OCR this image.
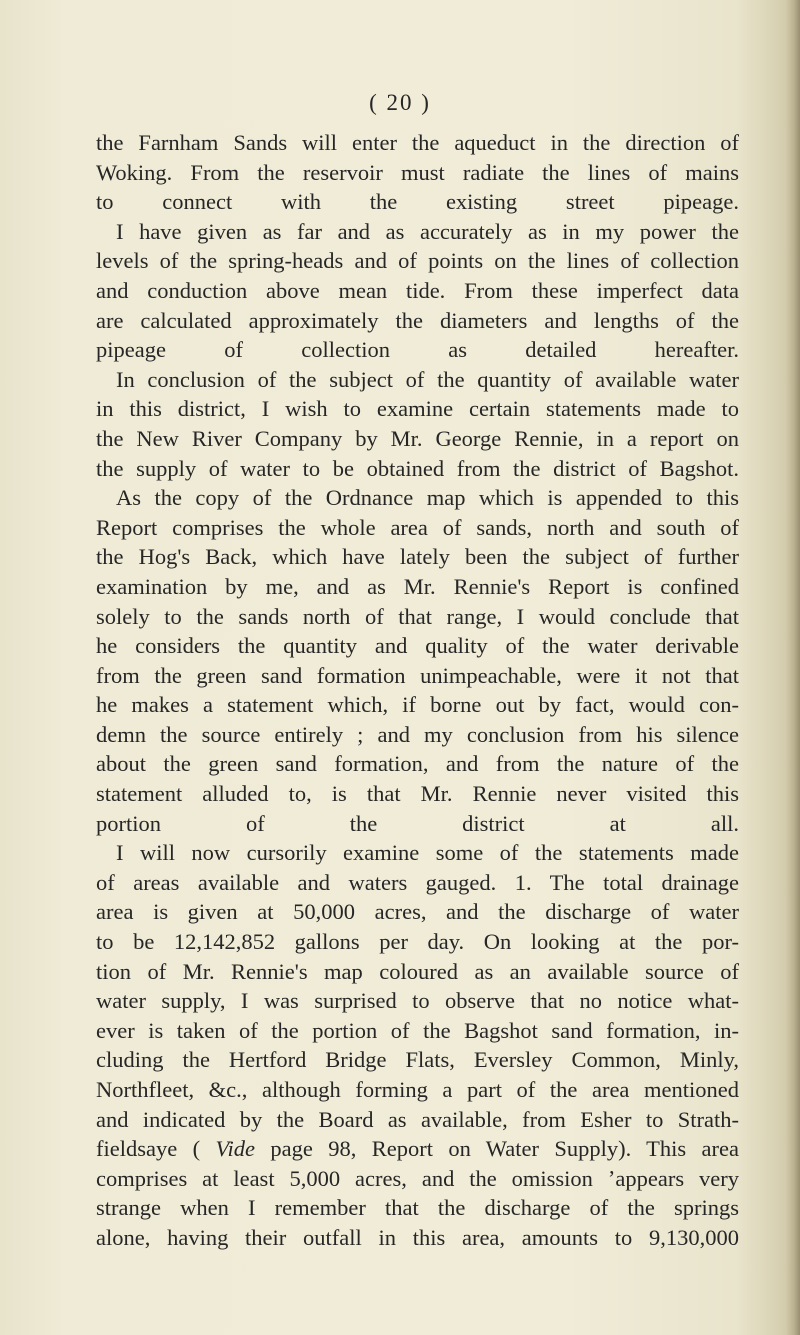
( 20 )
the Farnham Sands will enter the aqueduct in the direction of
Woking. From the reservoir must radiate the lines of mains
to connect with the existing street pipeage.
I have given as far and as accurately as in my power the
levels of the spring-heads and of points on the lines of collection
and conduction above mean tide. From these imperfect data
are calculated approximately the diameters and lengths of the
pipeage of collection as detailed hereafter.
In conclusion of the subject of the quantity of available water
in this district, I wish to examine certain statements made to
the New River Company by Mr. George Rennie, in a report on
the supply of water to be obtained from the district of Bagshot.
As the copy of the Ordnance map which is appended to this
Report comprises the whole area of sands, north and south of
the Hog's Back, which have lately been the subject of further
examination by me, and as Mr. Rennie's Report is confined
solely to the sands north of that range, I would conclude that
he considers the quantity and quality of the water derivable
from the green sand formation unimpeachable, were it not that
he makes a statement which, if borne out by fact, would con-
demn the source entirely ; and my conclusion from his silence
about the green sand formation, and from the nature of the
statement alluded to, is that Mr. Rennie never visited this
portion of the district at all.
I will now cursorily examine some of the statements made
of areas available and waters gauged. 1. The total drainage
area is given at 50,000 acres, and the discharge of water
to be 12,142,852 gallons per day. On looking at the por-
tion of Mr. Rennie's map coloured as an available source of
water supply, I was surprised to observe that no notice what-
ever is taken of the portion of the Bagshot sand formation, in-
cluding the Hertford Bridge Flats, Eversley Common, Minly,
Northfleet, &c., although forming a part of the area mentioned
and indicated by the Board as available, from Esher to Strath-
fieldsaye ( Vide page 98, Report on Water Supply). This area
comprises at least 5,000 acres, and the omission ʼappears very
strange when I remember that the discharge of the springs
alone, having their outfall in this area, amounts to 9,130,000
